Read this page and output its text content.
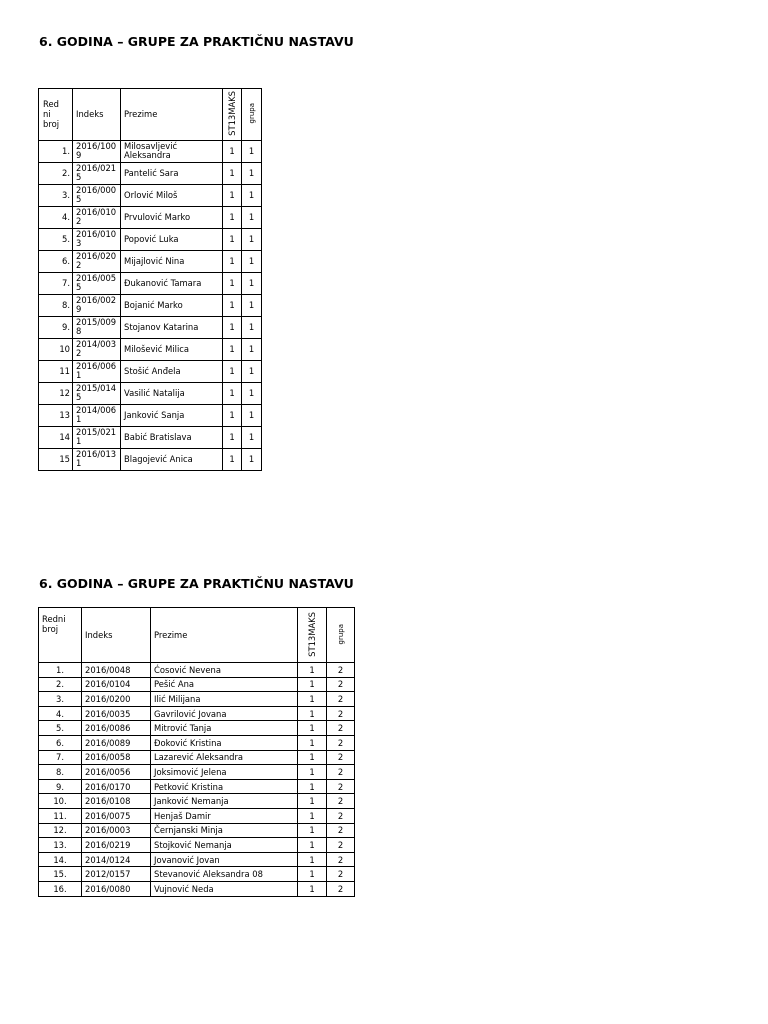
6. GODINA – GRUPE ZA PRAKTIČNU NASTAVU
Red ni broj	Indeks	Prezime	ST13MAKS	grupa
1.	2016/1009	Milosavljević Aleksandra	1	1
2.	2016/0215	Pantelić Sara	1	1
3.	2016/0005	Orlović Miloš	1	1
4.	2016/0102	Prvulović Marko	1	1
5.	2016/0103	Popović Luka	1	1
6.	2016/0202	Mijajlović Nina	1	1
7.	2016/0055	Đukanović Tamara	1	1
8.	2016/0029	Bojanić Marko	1	1
9.	2015/0098	Stojanov Katarina	1	1
10	2014/0032	Milošević Milica	1	1
11	2016/0061	Stošić Anđela	1	1
12	2015/0145	Vasilić Natalija	1	1
13	2014/0061	Janković Sanja	1	1
14	2015/0211	Babić Bratislava	1	1
15	2016/0131	Blagojević Anica	1	1
6. GODINA – GRUPE ZA PRAKTIČNU NASTAVU
Redni broj	Indeks	Prezime	ST13MAKS	grupa
1.	2016/0048	Ćosović Nevena	1	2
2.	2016/0104	Pešić Ana	1	2
3.	2016/0200	Ilić Milijana	1	2
4.	2016/0035	Gavrilović Jovana	1	2
5.	2016/0086	Mitrović Tanja	1	2
6.	2016/0089	Đoković Kristina	1	2
7.	2016/0058	Lazarević Aleksandra	1	2
8.	2016/0056	Joksimović Jelena	1	2
9.	2016/0170	Petković Kristina	1	2
10.	2016/0108	Janković Nemanja	1	2
11.	2016/0075	Henjaš Damir	1	2
12.	2016/0003	Černjanski Minja	1	2
13.	2016/0219	Stojković Nemanja	1	2
14.	2014/0124	Jovanović Jovan	1	2
15.	2012/0157	Stevanović Aleksandra 08	1	2
16.	2016/0080	Vujnović Neda	1	2
